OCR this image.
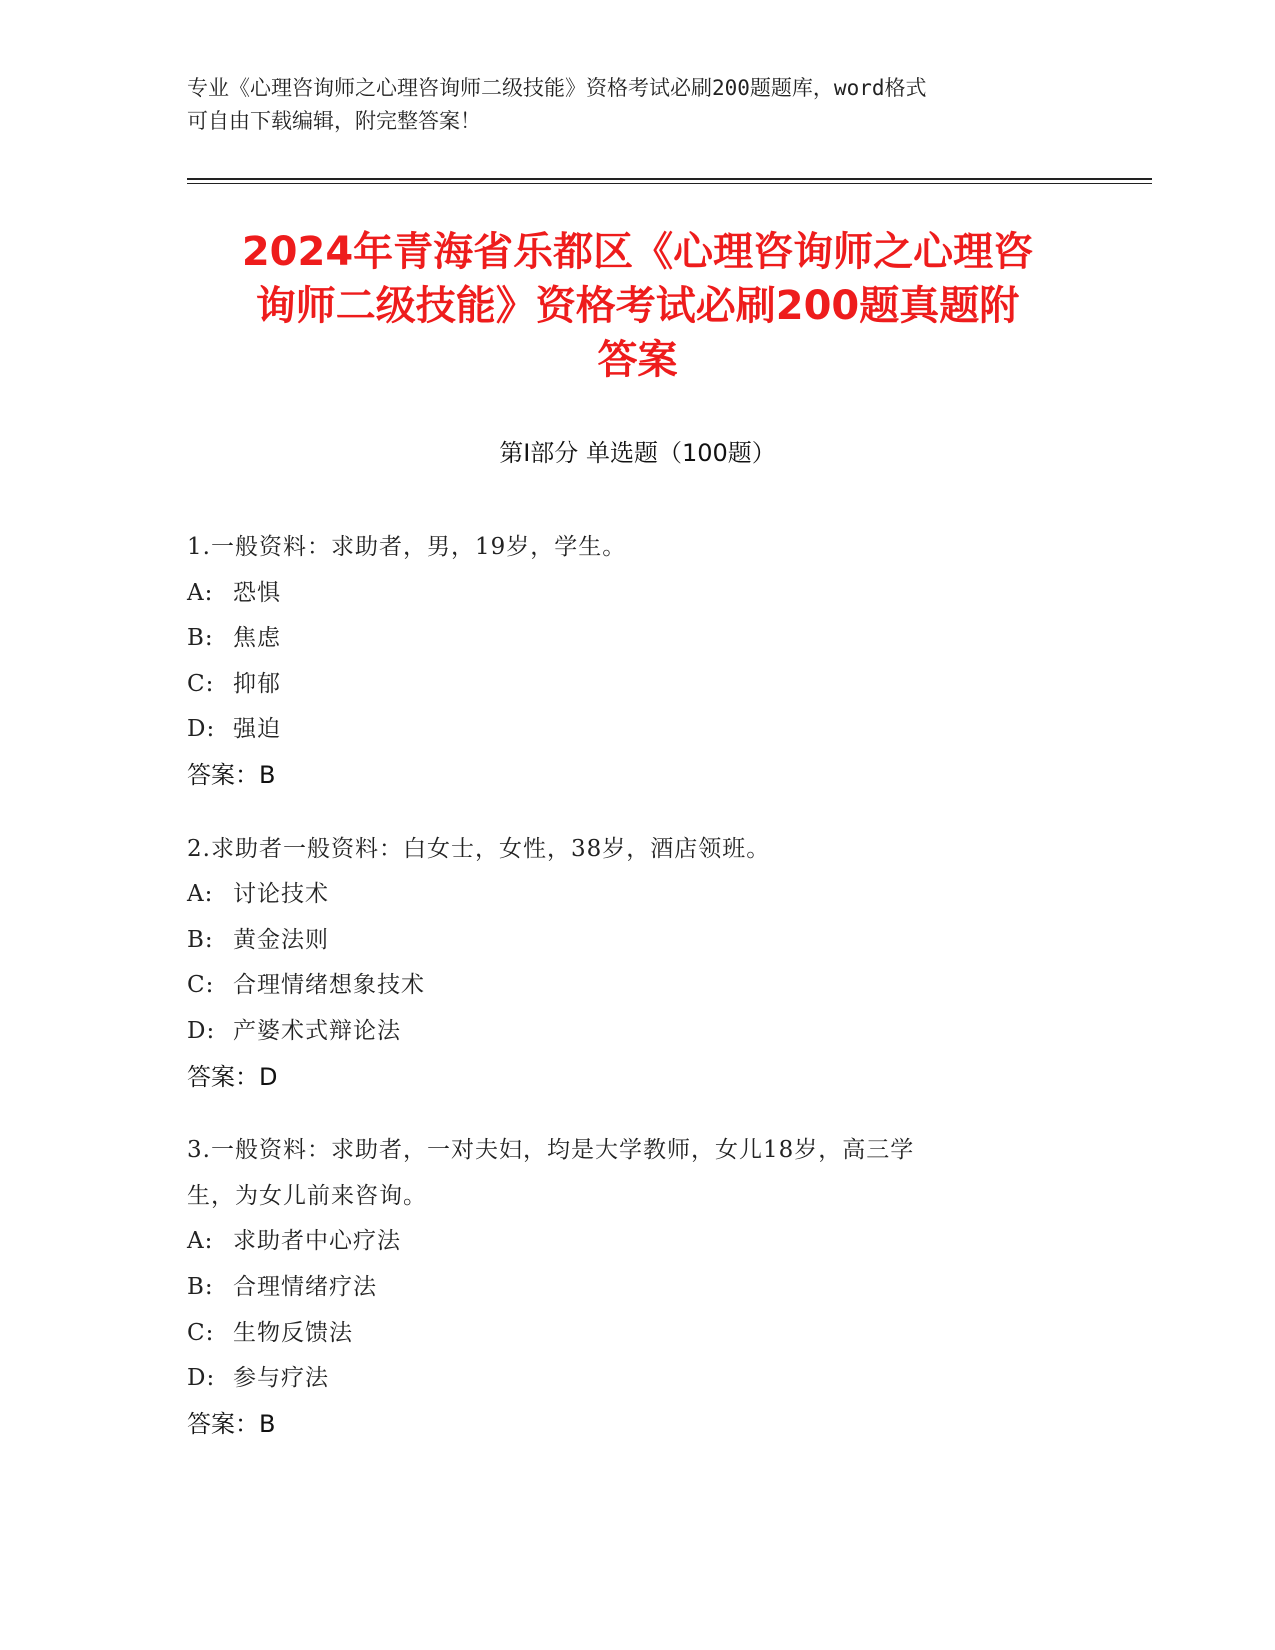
专业《心理咨询师之心理咨询师二级技能》资格考试必刷200题题库，word格式
可自由下载编辑，附完整答案！
2024年青海省乐都区《心理咨询师之心理咨
询师二级技能》资格考试必刷200题真题附
答案
第Ⅰ部分 单选题（100题）
1.一般资料：求助者，男，19岁，学生。
A: 恐惧
B: 焦虑
C: 抑郁
D: 强迫
答案：B
2.求助者一般资料：白女士，女性，38岁，酒店领班。
A: 讨论技术
B: 黄金法则
C: 合理情绪想象技术
D: 产婆术式辩论法
答案：D
3.一般资料：求助者，一对夫妇，均是大学教师，女儿18岁，高三学
生，为女儿前来咨询。
A: 求助者中心疗法
B: 合理情绪疗法
C: 生物反馈法
D: 参与疗法
答案：B
